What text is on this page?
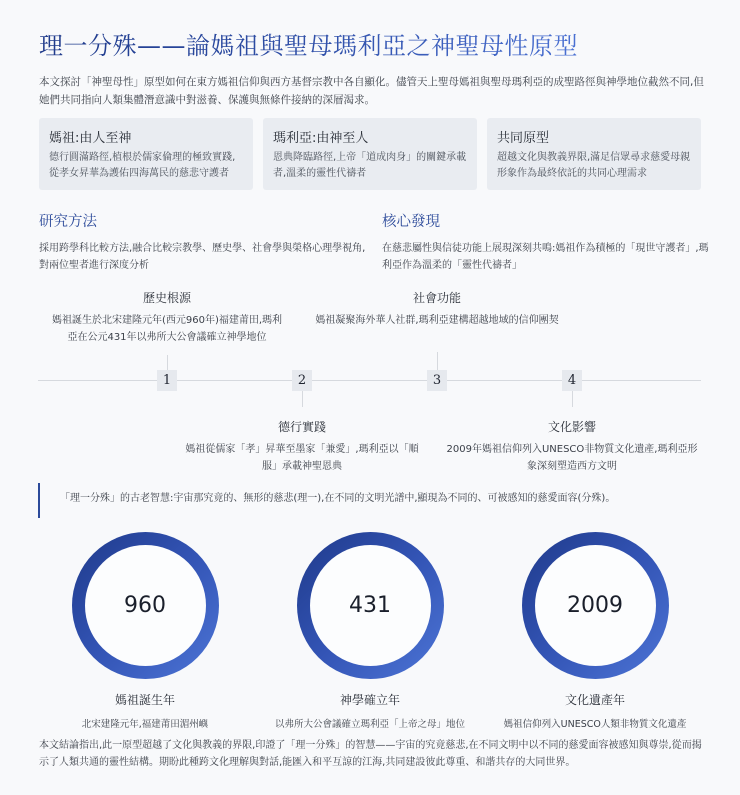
理一分殊——論媽祖與聖母瑪利亞之神聖母性原型

本文探討「神聖母性」原型如何在東方媽祖信仰與西方基督宗教中各自顯化。儘管天上聖母媽祖與聖母瑪利亞的成聖路徑與神學地位截然不同,但她們共同指向人類集體潛意識中對滋養、保護與無條件接納的深層渴求。

媽祖:由人至神
德行圓滿路徑,植根於儒家倫理的極致實踐,從孝女昇華為護佑四海萬民的慈悲守護者
瑪利亞:由神至人
恩典降臨路徑,上帝「道成肉身」的關鍵承載者,溫柔的靈性代禱者
共同原型
超越文化與教義界限,滿足信眾尋求慈愛母親形象作為最終依託的共同心理需求
研究方法
採用跨學科比較方法,融合比較宗教學、歷史學、社會學與榮格心理學視角,對兩位聖者進行深度分析
核心發現
在慈悲屬性與信徒功能上展現深刻共鳴:媽祖作為積極的「現世守護者」,瑪利亞作為溫柔的「靈性代禱者」
歷史根源
媽祖誕生於北宋建隆元年(西元960年)福建莆田,瑪利亞在公元431年以弗所大公會議確立神學地位
1	2
德行實踐
媽祖從儒家「孝」昇華至墨家「兼愛」,瑪利亞以「順服」承載神聖恩典
社會功能
媽祖凝聚海外華人社群,瑪利亞建構超越地域的信仰團契
3	4
文化影響
2009年媽祖信仰列入UNESCO非物質文化遺產,瑪利亞形象深刻塑造西方文明
「理一分殊」的古老智慧:宇宙那究竟的、無形的慈悲(理一),在不同的文明光譜中,顯現為不同的、可被感知的慈愛面容(分殊)。
960
媽祖誕生年
北宋建隆元年,福建莆田湄州嶼
431
神學確立年
以弗所大公會議確立瑪利亞「上帝之母」地位
2009
文化遺產年
媽祖信仰列入UNESCO人類非物質文化遺產

本文結論指出,此一原型超越了文化與教義的界限,印證了「理一分殊」的智慧——宇宙的究竟慈悲,在不同文明中以不同的慈愛面容被感知與尊崇,從而揭示了人類共通的靈性結構。期盼此種跨文化理解與對話,能匯入和平互諒的江海,共同建設彼此尊重、和諧共存的大同世界。
